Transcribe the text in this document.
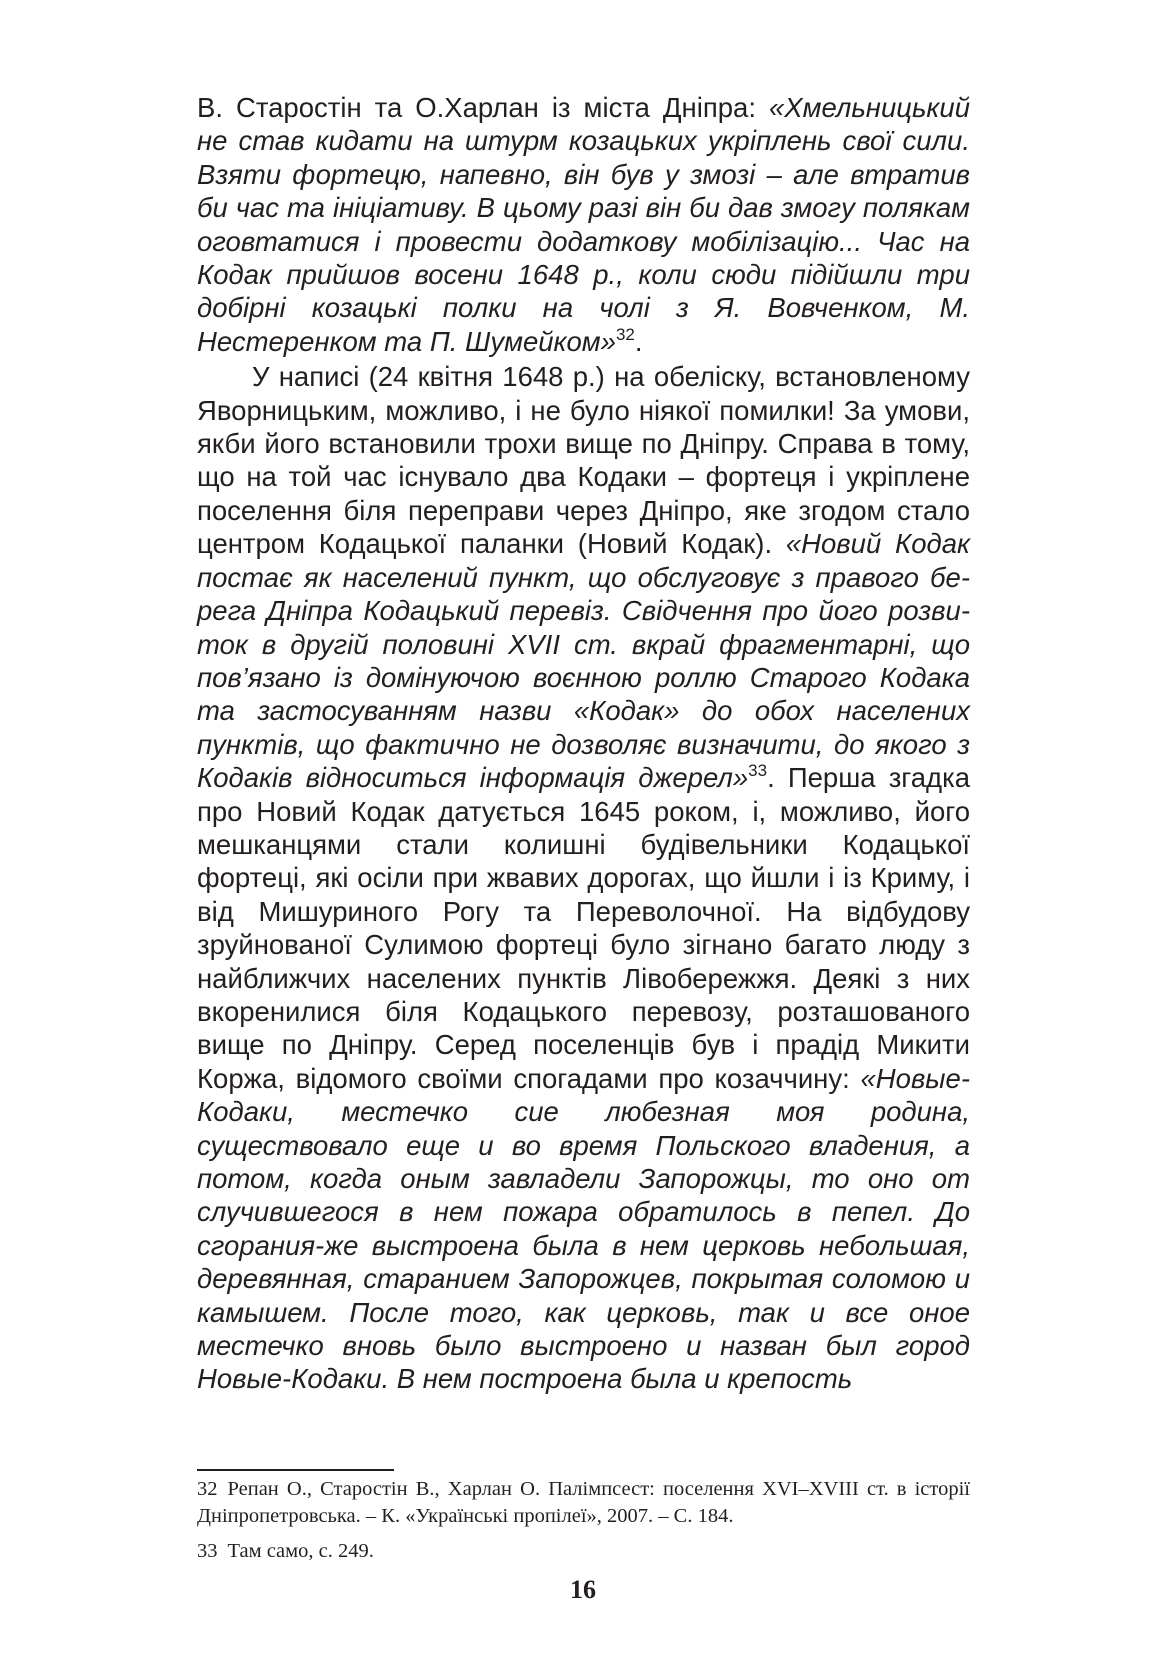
В. Старостін та О.Харлан із міста Дніпра: «Хмельницький не став кидати на штурм козацьких укріплень свої сили. Взяти фортецю, напевно, він був у змозі – але втратив би час та ініціативу. В цьому разі він би дав змогу полякам оговтатися і провести додаткову мобілізацію... Час на Кодак прийшов восени 1648 р., коли сюди підійшли три добірні козацькі полки на чолі з Я. Вовченком, М. Нестеренком та П. Шумейком»$^{32}$.

У написі (24 квітня 1648 р.) на обеліску, встановленому Яворницьким, можливо, і не було ніякої помилки! За умови, якби його встановили трохи вище по Дніпру. Справа в тому, що на той час існувало два Кодаки – фортеця і укріплене поселення біля переправи через Дніпро, яке згодом стало центром Кодацької паланки (Новий Кодак). «Новий Кодак постає як населений пункт, що обслуговує з правого берега Дніпра Кодацький перевіз. Свідчення про його розвиток в другій половині XVII ст. вкрай фрагментарні, що пов’язано із домінуючою воєнною роллю Старого Кодака та застосуванням назви «Кодак» до обох населених пунктів, що фактично не дозволяє визначити, до якого з Кодаків відноситься інформація джерел»$^{33}$. Перша згадка про Новий Кодак датується 1645 роком, і, можливо, його мешканцями стали колишні будівельники Кодацької фортеці, які осіли при жвавих дорогах, що йшли і із Криму, і від Мишуриного Рогу та Переволочної. На відбудову зруйнованої Сулимою фортеці було зігнано багато люду з найближчих населених пунктів Лівобережжя. Деякі з них вкоренилися біля Кодацького перевозу, розташованого вище по Дніпру. Серед поселенців був і прадід Микити Коржа, відомого своїми спогадами про козаччину: «Новые-Кодаки, местечко сие любезная моя родина, существовало еще и во время Польского владения, а потом, когда оным завладели Запорожцы, то оно от случившегося в нем пожара обратилось в пепел. До сгорания-же выстроена была в нем церковь небольшая, деревянная, старанием Запорожцев, покрытая соломою и камышем. После того, как церковь, так и все оное местечко вновь было выстроено и назван был город Новые-Кодаки. В нем построена была и крепость

32 Репан О., Старостін В., Харлан О. Палімпсест: поселення XVI–XVIII ст. в історії Дніпропетровська. – К. «Українські пропілеї», 2007. – С. 184.

33 Там само, с. 249.

16
